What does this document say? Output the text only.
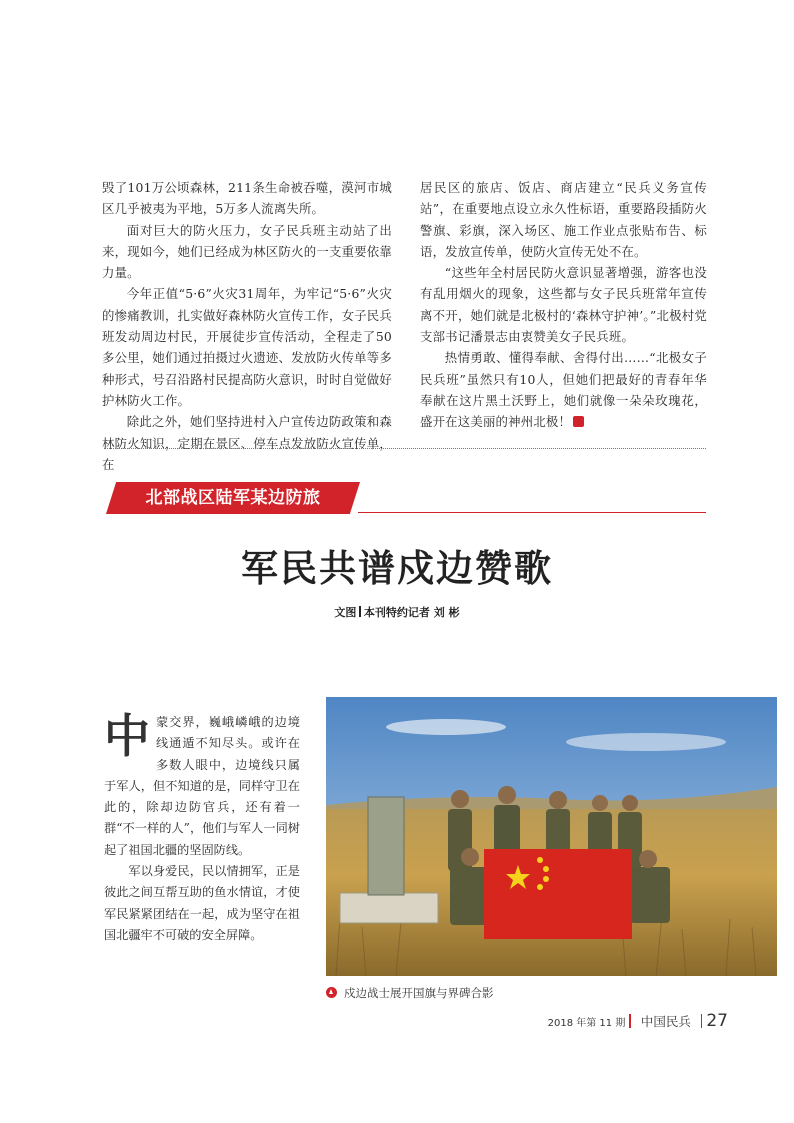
毁了101万公顷森林，211条生命被吞噬，漠河市城区几乎被夷为平地，5万多人流离失所。

面对巨大的防火压力，女子民兵班主动站了出来，现如今，她们已经成为林区防火的一支重要依靠力量。

今年正值“5·6”火灾31周年，为牢记“5·6”火灾的惨痛教训，扎实做好森林防火宣传工作，女子民兵班发动周边村民，开展徒步宣传活动，全程走了50多公里，她们通过拍摄过火遗迹、发放防火传单等多种形式，号召沿路村民提高防火意识，时时自觉做好护林防火工作。

除此之外，她们坚持进村入户宣传边防政策和森林防火知识，定期在景区、停车点发放防火宣传单，在

居民区的旅店、饭店、商店建立“民兵义务宣传站”，在重要地点设立永久性标语，重要路段插防火警旗、彩旗，深入场区、施工作业点张贴布告、标语，发放宣传单，使防火宣传无处不在。

“这些年全村居民防火意识显著增强，游客也没有乱用烟火的现象，这些都与女子民兵班常年宣传离不开，她们就是北极村的‘森林守护神’。”北极村党支部书记潘景志由衷赞美女子民兵班。

热情勇敢、懂得奉献、舍得付出……“北极女子民兵班”虽然只有10人，但她们把最好的青春年华奉献在这片黑土沃野上，她们就像一朵朵玫瑰花，盛开在这美丽的神州北极！

北部战区陆军某边防旅
军民共谱戍边赞歌
文图 本刊特约记者 刘 彬

中蒙交界，巍峨嶙峨的边境线通遁不知尽头。或许在多数人眼中，边境线只属于军人，但不知道的是，同样守卫在此的，除却边防官兵，还有着一群“不一样的人”，他们与军人一同树起了祖国北疆的坚固防线。

军以身爱民，民以情拥军，正是彼此之间互帮互助的鱼水情谊，才使军民紧紧团结在一起，成为坚守在祖国北疆牢不可破的安全屏障。

戍边战士展开国旗与界碑合影
2018 年第 11 期 中国民兵 27
